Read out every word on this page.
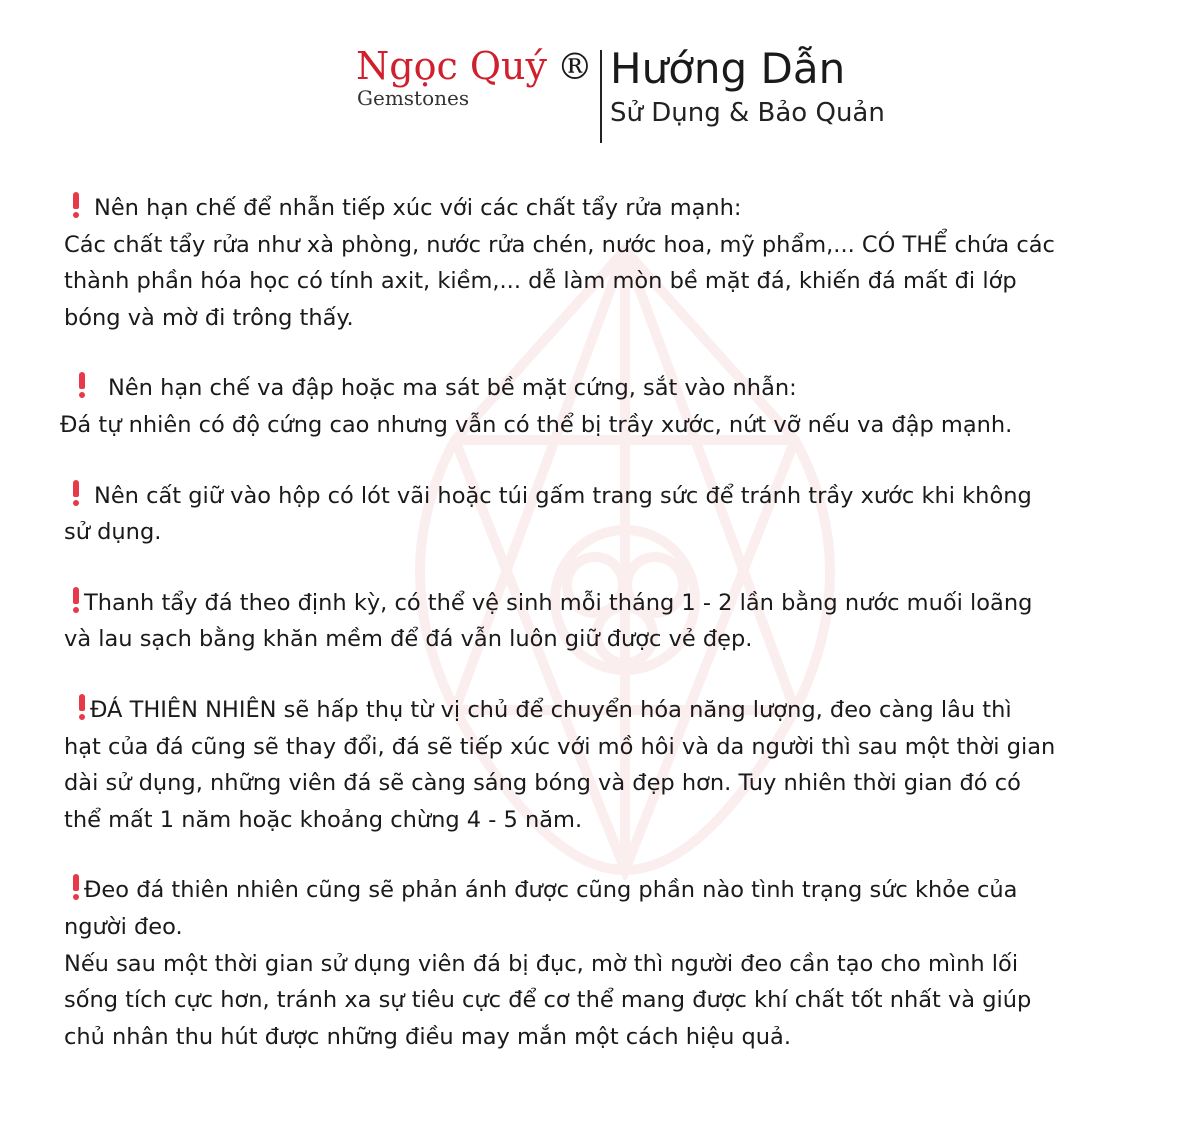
Ngọc Quý ®
Gemstones
Hướng Dẫn
Sử Dụng & Bảo Quản
Nên hạn chế để nhẫn tiếp xúc với các chất tẩy rửa mạnh:
Các chất tẩy rửa như xà phòng, nước rửa chén, nước hoa, mỹ phẩm,... CÓ THỂ chứa các
thành phần hóa học có tính axit, kiềm,... dễ làm mòn bề mặt đá, khiến đá mất đi lớp
bóng và mờ đi trông thấy.
Nên hạn chế va đập hoặc ma sát bề mặt cứng, sắt vào nhẫn:
Đá tự nhiên có độ cứng cao nhưng vẫn có thể bị trầy xước, nứt vỡ nếu va đập mạnh.
Nên cất giữ vào hộp có lót vãi hoặc túi gấm trang sức để tránh trầy xước khi không
sử dụng.
Thanh tẩy đá theo định kỳ, có thể vệ sinh mỗi tháng 1 - 2 lần bằng nước muối loãng
và lau sạch bằng khăn mềm để đá vẫn luôn giữ được vẻ đẹp.
ĐÁ THIÊN NHIÊN sẽ hấp thụ từ vị chủ để chuyển hóa năng lượng, đeo càng lâu thì
hạt của đá cũng sẽ thay đổi, đá sẽ tiếp xúc với mồ hôi và da người thì sau một thời gian
dài sử dụng, những viên đá sẽ càng sáng bóng và đẹp hơn. Tuy nhiên thời gian đó có
thể mất 1 năm hoặc khoảng chừng 4 - 5 năm.
Đeo đá thiên nhiên cũng sẽ phản ánh được cũng phần nào tình trạng sức khỏe của
người đeo.
Nếu sau một thời gian sử dụng viên đá bị đục, mờ thì người đeo cần tạo cho mình lối
sống tích cực hơn, tránh xa sự tiêu cực để cơ thể mang được khí chất tốt nhất và giúp
chủ nhân thu hút được những điều may mắn một cách hiệu quả.
